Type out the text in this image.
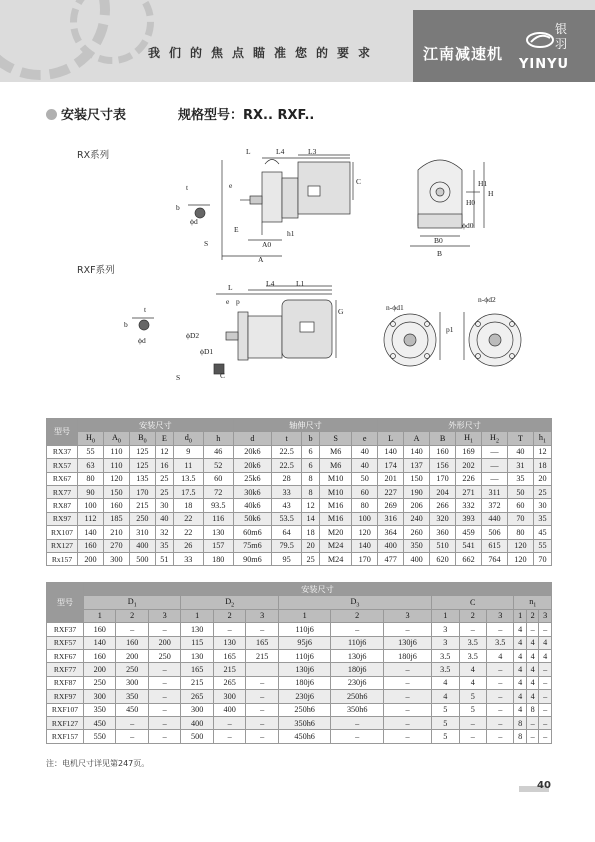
我们的焦点瞄准您的要求	江南减速机
银羽
YINYU
安装尺寸表	规格型号：RX.. RXF..
RX系列
RXF系列
L	L4	L3
C
e
t
b
ϕd
E
S	A0
A
h1
H1
H0
H
ϕd0
B0
B
L	L4	L1
e p
t
b
ϕd
ϕD2
ϕD1
S	C
G	n-ϕd1
n-ϕd2
p1
型号	安装尺寸						轴伸尺寸					外形尺寸						
	$H_0$	$A_0$	$B_0$	E	$d_0$	h	d	t	b	S	e	L	A	B	$H_1$	$H_2$	T	$h_1$
RX37	55	110	125	12	9	46	20k6	22.5	6	M6	40	140	140	160	169	—	40	12
RX57	63	110	125	16	11	52	20k6	22.5	6	M6	40	174	137	156	202	—	31	18
RX67	80	120	135	25	13.5	60	25k6	28	8	M10	50	201	150	170	226	—	35	20
RX77	90	150	170	25	17.5	72	30k6	33	8	M10	60	227	190	204	271	311	50	25
RX87	100	160	215	30	18	93.5	40k6	43	12	M16	80	269	206	266	332	372	60	30
RX97	112	185	250	40	22	116	50k6	53.5	14	M16	100	316	240	320	393	440	70	35
RX107	140	210	310	32	22	130	60m6	64	18	M20	120	364	260	360	459	506	80	45
RX127	160	270	400	35	26	157	75m6	79.5	20	M24	140	400	350	510	541	615	120	55
Rx157	200	300	500	51	33	180	90m6	95	25	M24	170	477	400	620	662	764	120	70
型号	安装尺寸														
	$D_1$			$D_2$			$D_3$			C			$n_1$
	1	2	3	1	2	3	1	2	3	1	2	3	1	2	3
RXF37	160	–	–	130	–	–	110j6	–	–	3	–	–	4	–	–
RXF57	140	160	200	115	130	165	95j6	110j6	130j6	3	3.5	3.5	4	4	4
RXF67	160	200	250	130	165	215	110j6	130j6	180j6	3.5	3.5	4	4	4	4
RXF77	200	250	–	165	215		130j6	180j6	–	3.5	4	–	4	4	–
RXF87	250	300	–	215	265	–	180j6	230j6	–	4	4	–	4	4	–
RXF97	300	350	–	265	300	–	230j6	250h6	–	4	5	–	4	4	–
RXF107	350	450	–	300	400	–	250h6	350h6	–	5	5	–	4	8	–
RXF127	450	–	–	400	–	–	350h6	–	–	5	–	–	8	–	–
RXF157	550	–	–	500	–	–	450h6	–	–	5	–	–	8	–	–
注：电机尺寸详见第247页。
40
